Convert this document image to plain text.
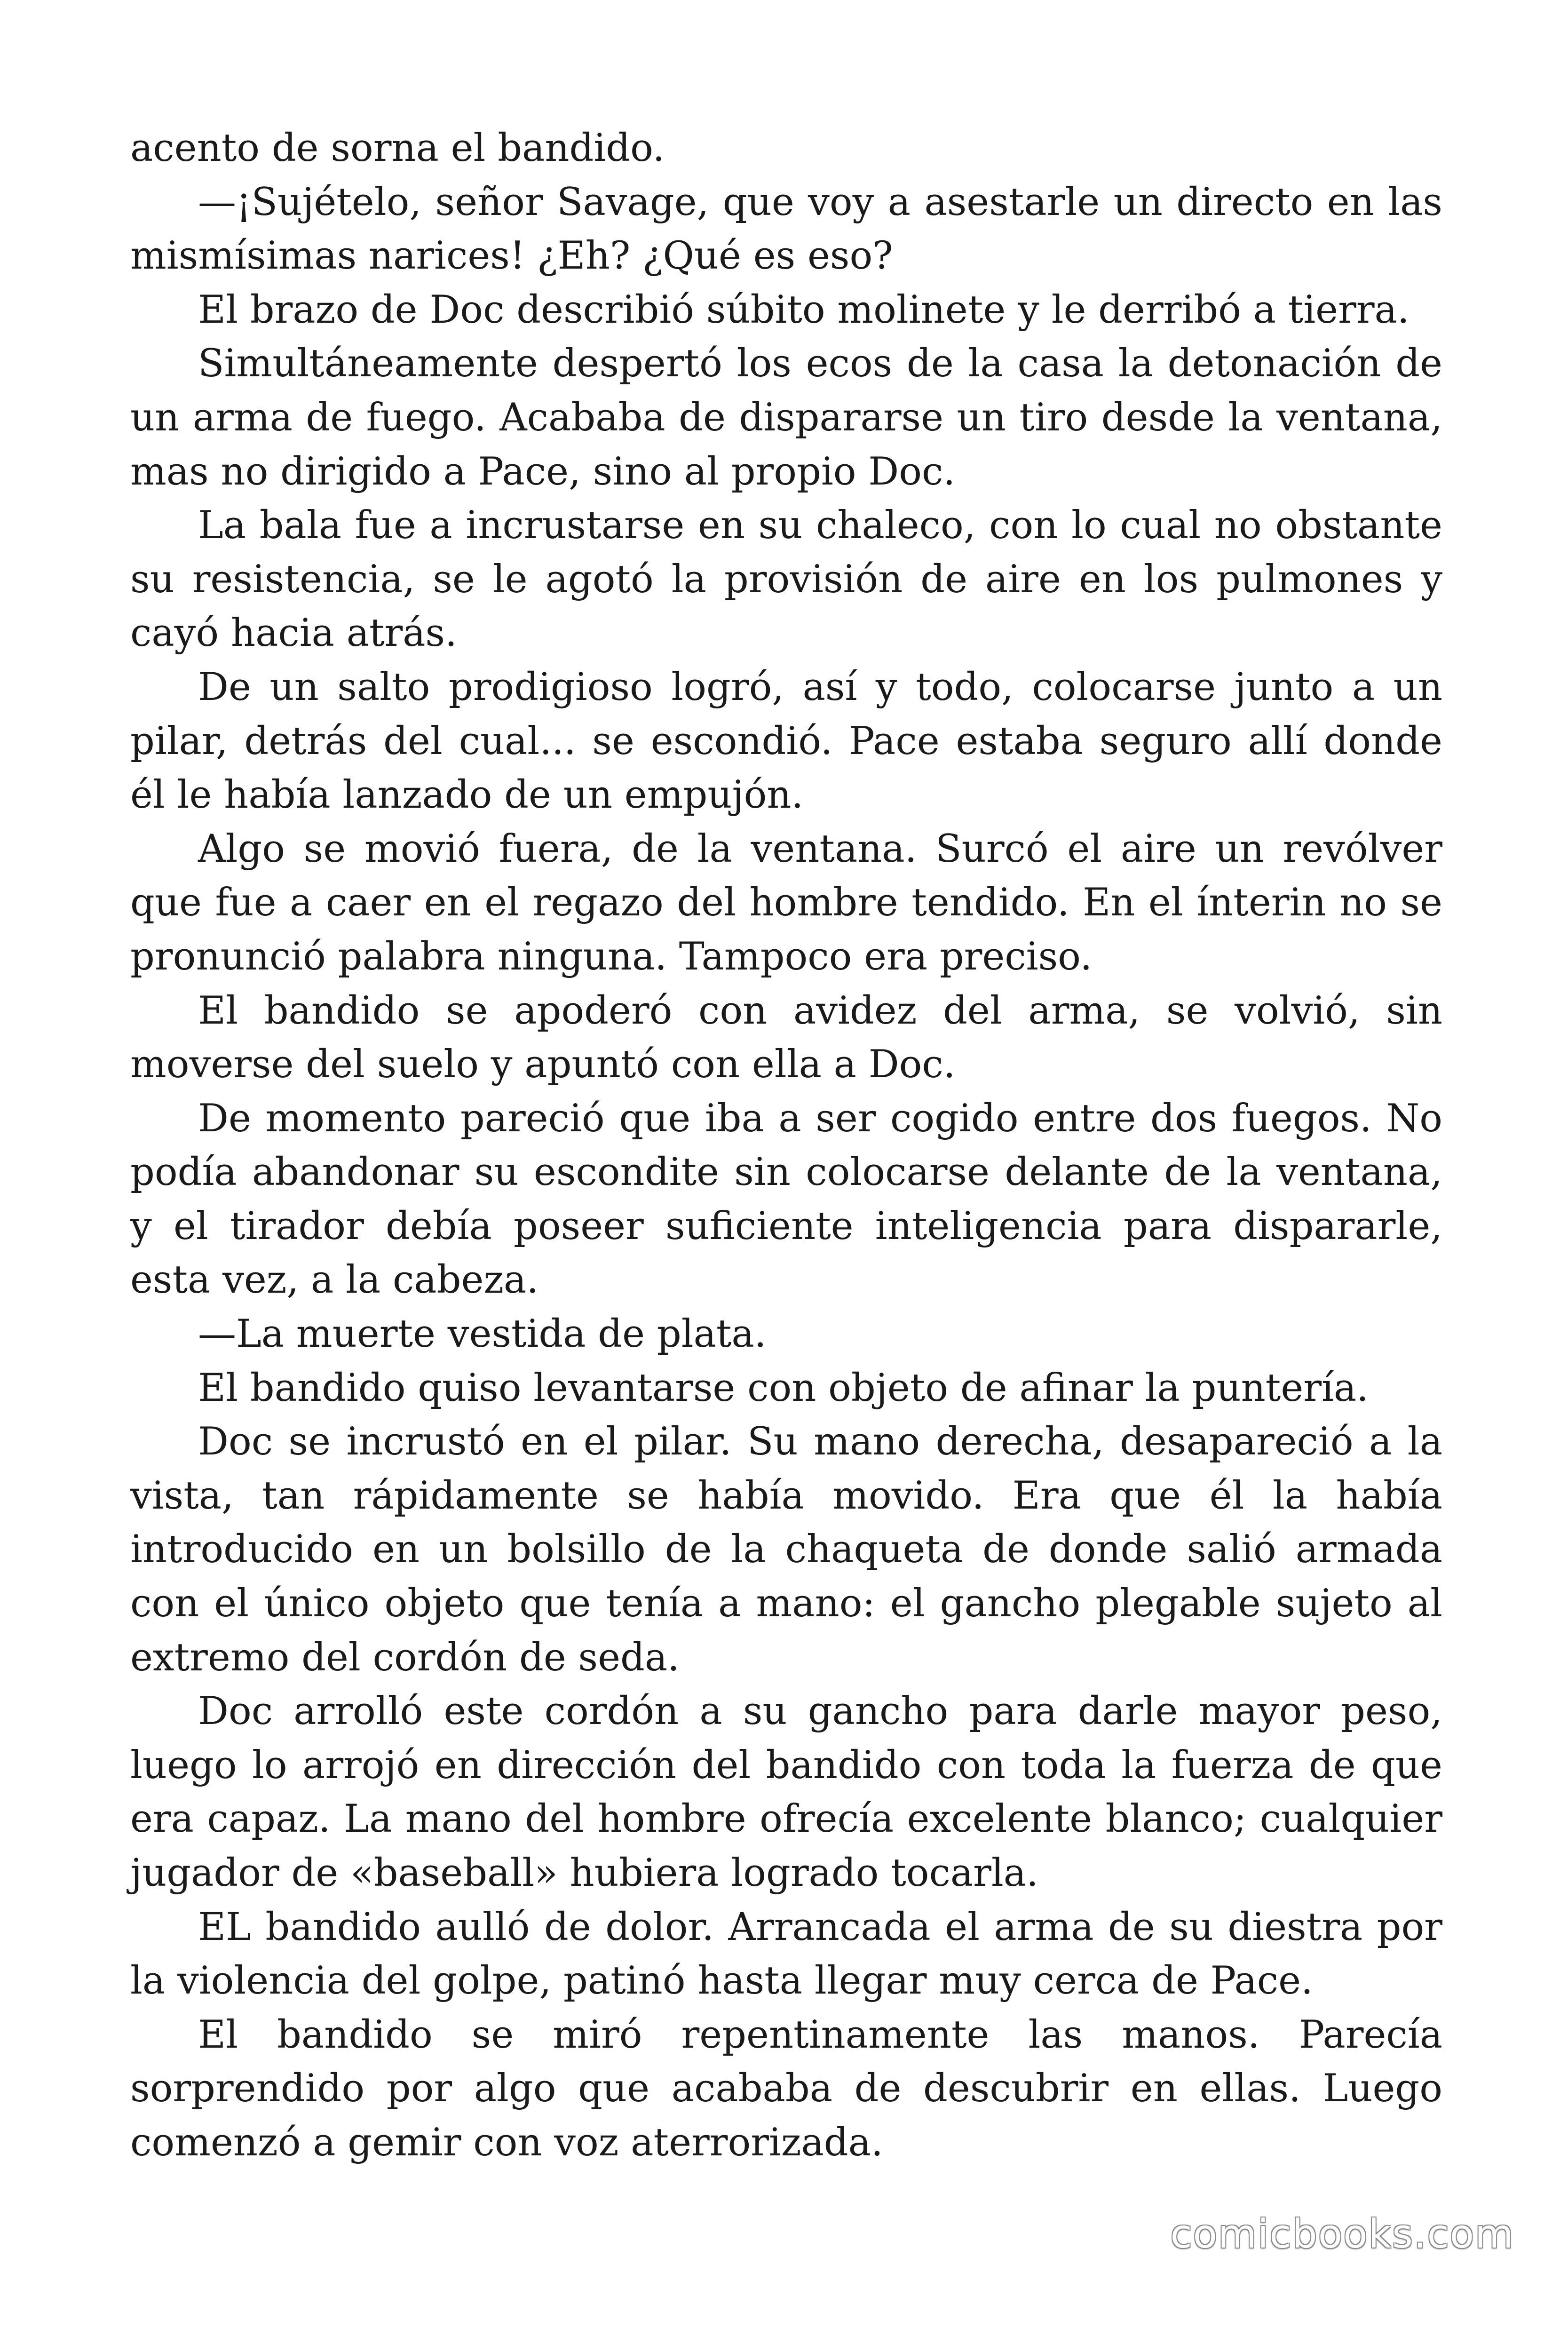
acento de sorna el bandido.

—¡Sujételo, señor Savage, que voy a asestarle un directo en las mismísimas narices! ¿Eh? ¿Qué es eso?

El brazo de Doc describió súbito molinete y le derribó a tierra.

Simultáneamente despertó los ecos de la casa la detonación de un arma de fuego. Acababa de dispararse un tiro desde la ventana, mas no dirigido a Pace, sino al propio Doc.

La bala fue a incrustarse en su chaleco, con lo cual no obstante su resistencia, se le agotó la provisión de aire en los pulmones y cayó hacia atrás.

De un salto prodigioso logró, así y todo, colocarse junto a un pilar, detrás del cual... se escondió. Pace estaba seguro allí donde él le había lanzado de un empujón.

Algo se movió fuera, de la ventana. Surcó el aire un revólver que fue a caer en el regazo del hombre tendido. En el ínterin no se pronunció palabra ninguna. Tampoco era preciso.

El bandido se apoderó con avidez del arma, se volvió, sin moverse del suelo y apuntó con ella a Doc.

De momento pareció que iba a ser cogido entre dos fuegos. No podía abandonar su escondite sin colocarse delante de la ventana, y el tirador debía poseer suficiente inteligencia para dispararle, esta vez, a la cabeza.

—La muerte vestida de plata.

El bandido quiso levantarse con objeto de afinar la puntería.

Doc se incrustó en el pilar. Su mano derecha, desapareció a la vista, tan rápidamente se había movido. Era que él la había introducido en un bolsillo de la chaqueta de donde salió armada con el único objeto que tenía a mano: el gancho plegable sujeto al extremo del cordón de seda.

Doc arrolló este cordón a su gancho para darle mayor peso, luego lo arrojó en dirección del bandido con toda la fuerza de que era capaz. La mano del hombre ofrecía excelente blanco; cualquier jugador de «baseball» hubiera logrado tocarla.

EL bandido aulló de dolor. Arrancada el arma de su diestra por la violencia del golpe, patinó hasta llegar muy cerca de Pace.

El bandido se miró repentinamente las manos. Parecía sorprendido por algo que acababa de descubrir en ellas. Luego comenzó a gemir con voz aterrorizada.

comicbooks.com
